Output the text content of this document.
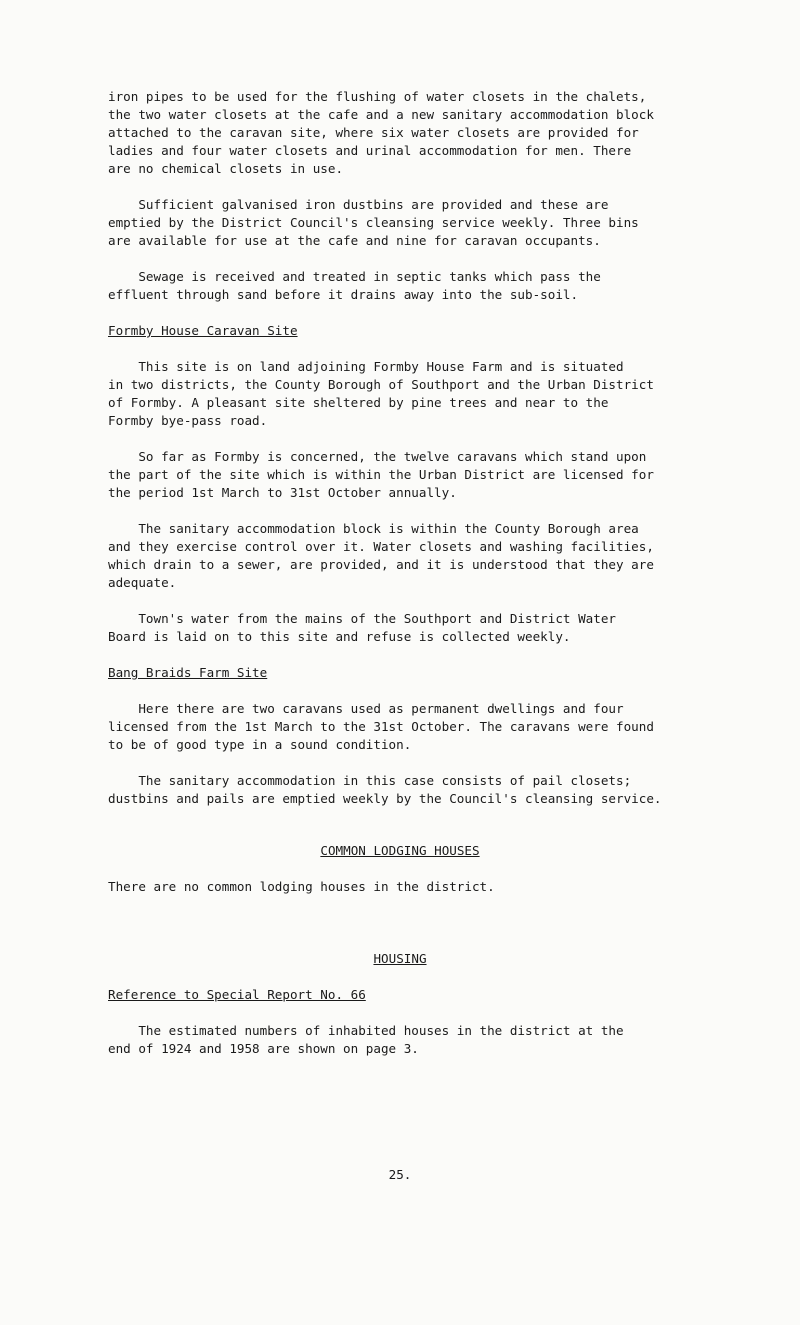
iron pipes to be used for the flushing of water closets in the chalets,
the two water closets at the cafe and a new sanitary accommodation block
attached to the caravan site, where six water closets are provided for
ladies and four water closets and urinal accommodation for men. There
are no chemical closets in use.

Sufficient galvanised iron dustbins are provided and these are
emptied by the District Council's cleansing service weekly. Three bins
are available for use at the cafe and nine for caravan occupants.

Sewage is received and treated in septic tanks which pass the
effluent through sand before it drains away into the sub-soil.

Formby House Caravan Site

This site is on land adjoining Formby House Farm and is situated
in two districts, the County Borough of Southport and the Urban District
of Formby. A pleasant site sheltered by pine trees and near to the
Formby bye-pass road.

So far as Formby is concerned, the twelve caravans which stand upon
the part of the site which is within the Urban District are licensed for
the period 1st March to 31st October annually.

The sanitary accommodation block is within the County Borough area
and they exercise control over it. Water closets and washing facilities,
which drain to a sewer, are provided, and it is understood that they are
adequate.

Town's water from the mains of the Southport and District Water
Board is laid on to this site and refuse is collected weekly.

Bang Braids Farm Site

Here there are two caravans used as permanent dwellings and four
licensed from the 1st March to the 31st October. The caravans were found
to be of good type in a sound condition.

The sanitary accommodation in this case consists of pail closets;
dustbins and pails are emptied weekly by the Council's cleansing service.

COMMON LODGING HOUSES

There are no common lodging houses in the district.

HOUSING

Reference to Special Report No. 66

The estimated numbers of inhabited houses in the district at the
end of 1924 and 1958 are shown on page 3.

25.
